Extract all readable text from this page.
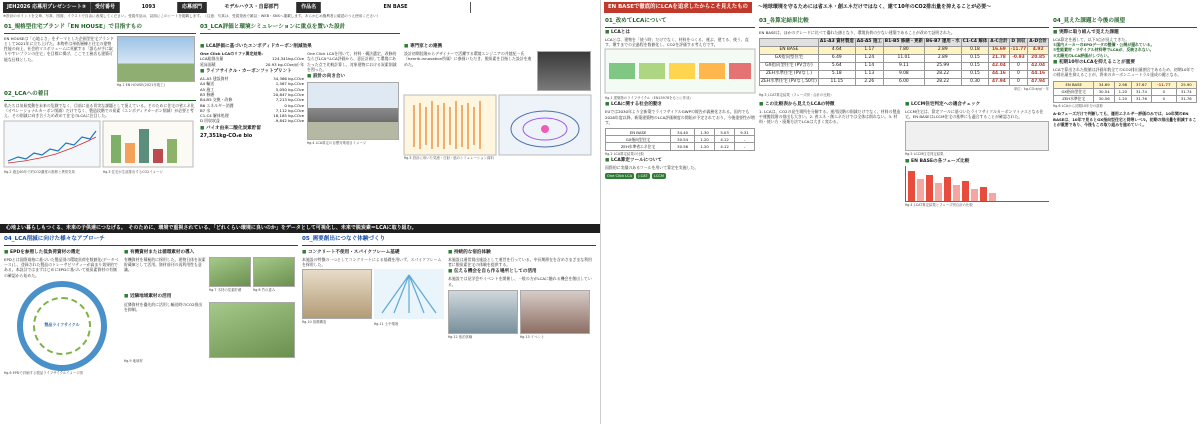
JEH2026 応募用プレゼンシート③	受付番号	1093	応募部門	モデルハウス・自邸部門	作品名	EN BASE
※設計のポイントを文章、写真、図面、イラストで自由に表現してください。受賞作品は、誌面にこのシートを掲載します。（注意：写真は、受賞発表で雑誌・WEB・SNSへ掲載します。あらかじめ権利者に確認のうえ使用ください）
01_規格型住宅ブランド「EN HOUSE」で目指すもの
EN HOUSEは「心地よさ」をテーマとした企画型住宅ブランドとして2021年に立ち上げた。本物件は単低層棟と住宅の建物性能の向上、社会的マスボリュームに貢献する「誰もが手に取りやすいプランの住宅」を目標に掲げ、ここで工務店も建築可能な仕様とした。
fig.1 EN HOUSE(2021年竣工)
02_LCAへの着目
私たちは気候変動を未来の危険でなく、目前に迫る切実な課題として捉えている。そのために住宅の省エネ化（オペレーショナルカーボン削減）だけでなく、製造段階での炭素（エンボディドカーボン削減）が必要と考え、その削減に向き合うため改めて住宅のLCAに注目した。
fig.2 過去60年で約CO2濃度の推移と異常気象	fig.3 住宅が生涯排出するCO2イメージ
03_LCA評価と環境シミュレーションに重点を置いた設計
■ LCA評価に基づいたエンボディドカーボン削減効果
One Click LCAのリファ算定結果:
LCA総排出量	124,341kg-CO₂e
延床面積	20.93 kg-CO₂e/㎡·年
■ ライフサイクル・カーボンフットプリント
A1-A3 建設資材	34,366 kg-CO₂e
A4 輸送	1,567 kg-CO₂e
A5 施工	5,050 kg-CO₂e
B3 修繕	20,847 kg-CO₂e
B4-B5 交換・改修	7,213 kg-CO₂e
B6 エネルギー消費	0 kg-CO₂e
B7 水	7,112 kg-CO₂e
C1-C4 解体処理	18,185 kg-CO₂e
D 回収収益	-9,842 kg-CO₂e
■ バイオ由来二酸化炭素貯留
27,351kg-CO₂e bio
One Click LCAを用いて、材料・構法選定、改修的ならびLCAへLCA評価から、意匠計画して環境にあたった点で比較計算し、対象建物における炭素削減を図った。
■ 設計の向き合い
fig.4 LCA算定の目標対策項目イメージ
■ 専門家との連携
設計初期段階からデザイナーで活躍する環境エンジニアの井越紀一氏（henrik-innovation所属）に参画いただき、脱炭素を目指した設計を進めた。
fig.5 設計に用いた気流・日射・風のシミュレーション資料
心地よい暮らしもつくる、未来の子供達につなげる。　そのために、環境で重視されている、「どれくらい環境に良いのか」をデータとして可視化し、未来で脱炭素＝LCAに取り組む。
04_LCA削減に向けた様々なアプローチ
■ EPDを参照した低負荷資材の選定
EPDとは国際規格に基づいた製品別の環境負荷を数値化(データベース)し、登録された製品のトレーサビリティーが高まり効果的である。本設計ではまずはじめにEPDに基づいて低炭素資材の有無の確認から始めた。
製品ライフサイクル
fig.6 EPDで評価する製品ライフサイクルイメージ図
■ 有機資材または循環素材の導入
有機資材を積極的に採用した。建物日体を炭素貯蔵庫として活用。資材前刊の再利用性も意識。
fig.7 木材の炭素貯蔵	fig.8 竹の恵み
■ 近隣地域素材の活用
近隣資材を優先的に活用し輸送時のCO2排出を抑制。
fig.9 地域材
05_需要創出につなぐ体験づくり
■ コンクリート不使用・スパイクフレーム基礎
本施設の特徴の一つとしてコンクリートによる基礎を用いず、スパイクフレームを採用した。
fig.10 基礎構造	fig.11 土中環境
■ 持続的な宿泊体験
本施設は通常貸出施設として運営を行っている。中長期滞在を含めさまざまな利用者に脱炭素住宅の体験を提供する。
■ 伝える機会を自ら作る場所としての活用
本施設では見学会やイベントを開催し、一般の方がLCAに触れる機会を創出している。
fig.12 宿泊体験	fig.13 イベント
EN BASEで徹底的にLCAを追求したからこそ見えたもの	～地球環境を守るためには省エネ・創エネだけではなく、建て10年のCO2排出量を抑えることが必要～
01_改めてLCAについて
■ LCAとは
LCAとは、建物を「使う時」だけでなく、材料をつくる、運ぶ、建てる、使う、直す、壊すまでの全過程を数値化し、CO2を評価する考え方です。
fig.1 建築物のライフサイクル（EN15978をもとに作成）
■ LCAに関する社会的動き
EUでは2030年より全新築でライフサイクルGWPの報告が義務化される。国内でも2028年度以降、新築建築物のLCA評価制度の開始が予定されており、今後重要性が増す。
EN BASE	34.40	1.30	5.03	9.31
GX指向型住宅	30.54	1.20	4.12	-
ZEH水準省エネ住宅	30.56	1.20	4.12	-
fig.2 LCA算定結果の比較
■ LCA算定ツールについて
国際的に実績のあるツールを用いて算定を実施した。
One Click LCA J-CAT LCCM
03_各算定結果比較
EN BASEは、ほかのグレードに比べて優れた値となり、環境負荷の少ない建築であることが改めて証明された。
	A1-A3 資材製造	A4-A5 施工	B1-B5 修繕・更新	B6-B7 運用・水	C1-C4 解体	A-C合計	D 回収	A-D合計
EN BASE	4.64	1.17	7.80	2.89	0.18	16.69	-11.77	4.92
GX指向型住宅	6.49	1.24	11.01	2.89	0.15	21.78	-0.93	20.85
GX指向型住宅 (PV含む)	5.64	1.14	9.11	25.99	0.15	42.04	0	42.04
ZEH水準住宅 (PVなし)	5.18	1.13	9.08	28.22	0.15	44.16	0	44.16
ZEH水準住宅 (PVなし50年)	11.15	2.26	6.00	28.22	0.30	47.94	0	47.94
単位：kg-CO₂e/㎡・年
fig.3 J-CAT算定結果（フェーズ別・合計の比較）
■ この比較表から見えたLCAの特徴
1. LCAは、CO2の発生場所を分解する。運用段階の削減だけでなく、材料の製造や運搬段階の排出も大きい。2. 省エネ・創エネだけでは全体は削れない。3. 材料・使い方・廃棄方法でLCAは大きく変わる。
■ LCCM住宅判定への適合チェック
LCCM住宅は、算定ツールに基づいたライフサイクルカーボンマイナスとなる住宅。EN BASEはLCCM住宅の基準にも適合することが確認された。
fig.5 LCCM住宅判定結果
■ EN BASEの各フェーズ比較
fig.4 J-CAT算定結果とフェーズ別合計の比較
04_見えた課題と今後の展望
■ 実際に取り組んで見えた課題
LCA算定を通して、以下3点が見えてきた。
①国内メーカーのEPDデータの整備・公開が遅れている。
②性能素材・リサイクル材料等でLCAが、反映されない。
③太陽光のLCA評価がしづらい。
■ 初期10年のLCAを抑えることが重要
LCAで算出された数値は評価年数全てのCO2排出量割合であるため、初期10年での排出量を抑えることが、将来のカーボンニュートラル達成の鍵となる。
EN BASE	34.69	2.98	37.67	-11.77	25.90
GX指向型住宅	30.54	1.20	31.74	0	31.74
ZEH水準住宅	30.56	1.20	31.76	0	31.76
fig.6 LCAから初期10年分の抜粋
A-Dフェーズだけで判断しても、運用エネルギー評価のみでは、10年間のEN BASEは、10年で見るとGX指向型住宅と同等レベル。初期の排出量を削減することが重要であり、今後もこの取り組みを進めていく。
